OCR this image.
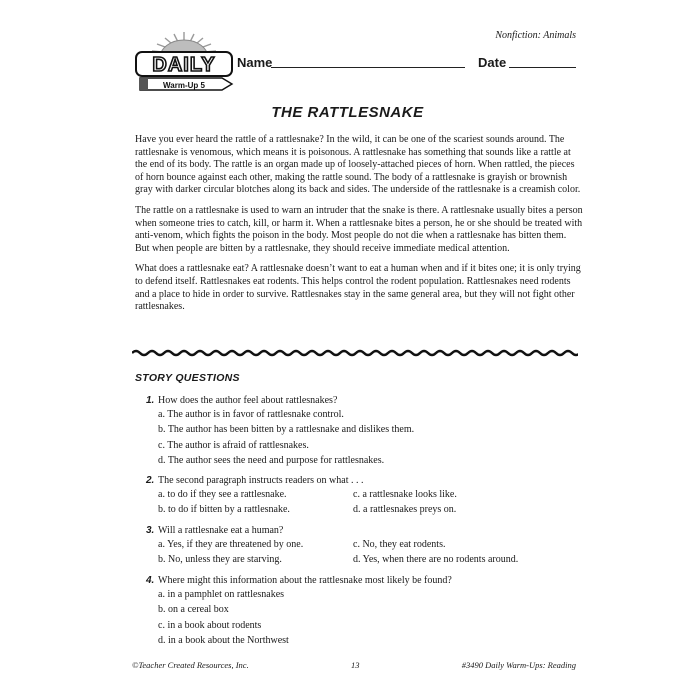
Nonfiction: Animals
DAILY
Warm-Up 5
Name	Date
THE RATTLESNAKE

Have you ever heard the rattle of a rattlesnake? In the wild, it can be one of the scariest sounds around. The rattlesnake is venomous, which means it is poisonous. A rattlesnake has something that sounds like a rattle at the end of its body. The rattle is an organ made up of loosely-attached pieces of horn. When rattled, the pieces of horn bounce against each other, making the rattle sound. The body of a rattlesnake is grayish or brownish gray with darker circular blotches along its back and sides. The underside of the rattlesnake is a creamish color.

The rattle on a rattlesnake is used to warn an intruder that the snake is there. A rattlesnake usually bites a person when someone tries to catch, kill, or harm it. When a rattlesnake bites a person, he or she should be treated with anti-venom, which fights the poison in the body. Most people do not die when a rattlesnake has bitten them. But when people are bitten by a rattlesnake, they should receive immediate medical attention.

What does a rattlesnake eat? A rattlesnake doesn’t want to eat a human when and if it bites one; it is only trying to defend itself. Rattlesnakes eat rodents. This helps control the rodent population. Rattlesnakes need rodents and a place to hide in order to survive. Rattlesnakes stay in the same general area, but they will not fight other rattlesnakes.

STORY QUESTIONS
1. How does the author feel about rattlesnakes?
a. The author is in favor of rattlesnake control.
b. The author has been bitten by a rattlesnake and dislikes them.
c. The author is afraid of rattlesnakes.
d. The author sees the need and purpose for rattlesnakes.
2. The second paragraph instructs readers on what . . .
a. to do if they see a rattlesnake.	c. a rattlesnake looks like.
b. to do if bitten by a rattlesnake.	d. a rattlesnakes preys on.
3. Will a rattlesnake eat a human?
a. Yes, if they are threatened by one.	c. No, they eat rodents.
b. No, unless they are starving.	d. Yes, when there are no rodents around.
4. Where might this information about the rattlesnake most likely be found?
a. in a pamphlet on rattlesnakes
b. on a cereal box
c. in a book about rodents
d. in a book about the Northwest
©Teacher Created Resources, Inc.	13	#3490 Daily Warm-Ups: Reading
